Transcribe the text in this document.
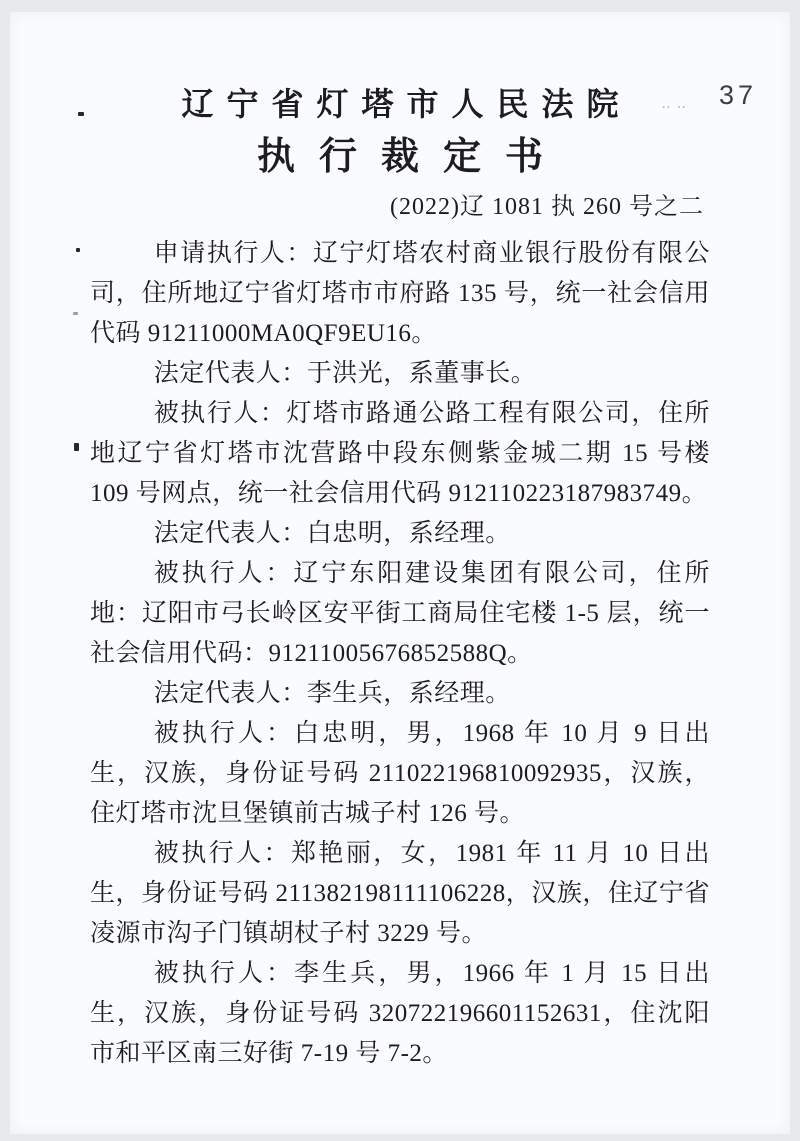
‥‥ 37
辽宁省灯塔市人民法院
执行裁定书
(2022)辽 1081 执 260 号之二

申请执行人：辽宁灯塔农村商业银行股份有限公司，住所地辽宁省灯塔市市府路 135 号，统一社会信用代码 91211000MA0QF9EU16。

法定代表人：于洪光，系董事长。

被执行人：灯塔市路通公路工程有限公司，住所地辽宁省灯塔市沈营路中段东侧紫金城二期 15 号楼 109 号网点，统一社会信用代码 912110223187983749。

法定代表人：白忠明，系经理。

被执行人：辽宁东阳建设集团有限公司，住所地：辽阳市弓长岭区安平街工商局住宅楼 1-5 层，统一社会信用代码：91211005676852588Q。

法定代表人：李生兵，系经理。

被执行人：白忠明，男，1968 年 10 月 9 日出生，汉族，身份证号码 211022196810092935，汉族，住灯塔市沈旦堡镇前古城子村 126 号。

被执行人：郑艳丽，女，1981 年 11 月 10 日出生，身份证号码 211382198111106228，汉族，住辽宁省凌源市沟子门镇胡杖子村 3229 号。

被执行人：李生兵，男，1966 年 1 月 15 日出生，汉族，身份证号码 320722196601152631，住沈阳市和平区南三好街 7-19 号 7-2。
